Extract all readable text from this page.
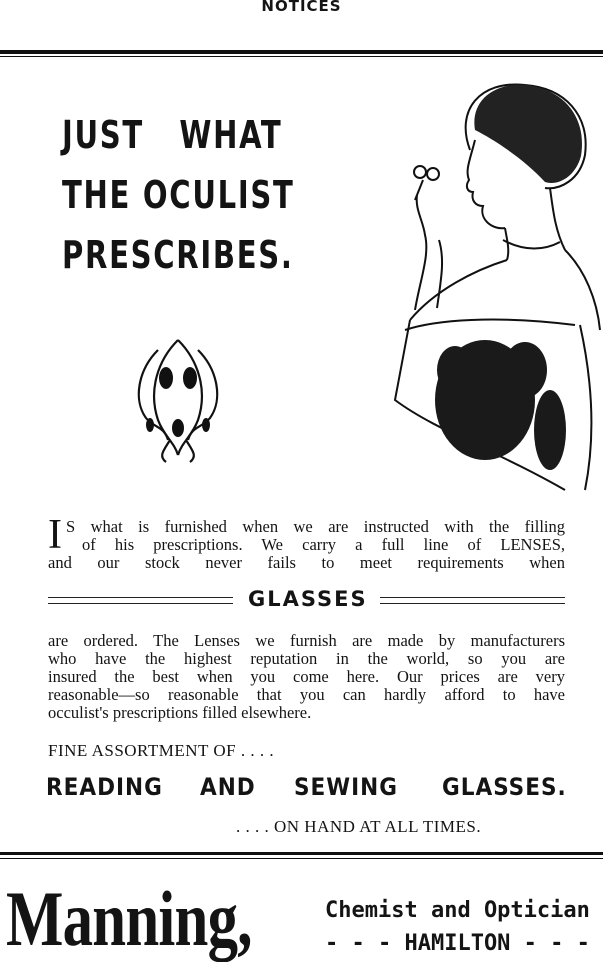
NOTICES
JUST   WHAT
THE OCULIST
PRESCRIBES.
I S what is furnished when we are instructed with the filling
of his prescriptions. We carry a full line of LENSES,
and our stock never fails to meet requirements when
GLASSES
are ordered. The Lenses we furnish are made by manufacturers
who have the highest reputation in the world, so you are
insured the best when you come here. Our prices are very
reasonable—so reasonable that you can hardly afford to have
occulist's prescriptions filled elsewhere.
FINE ASSORTMENT OF . . . .
READING AND SEWING GLASSES.
. . . . ON HAND AT ALL TIMES.
Manning,	Chemist and Optician
- - - HAMILTON - - -
